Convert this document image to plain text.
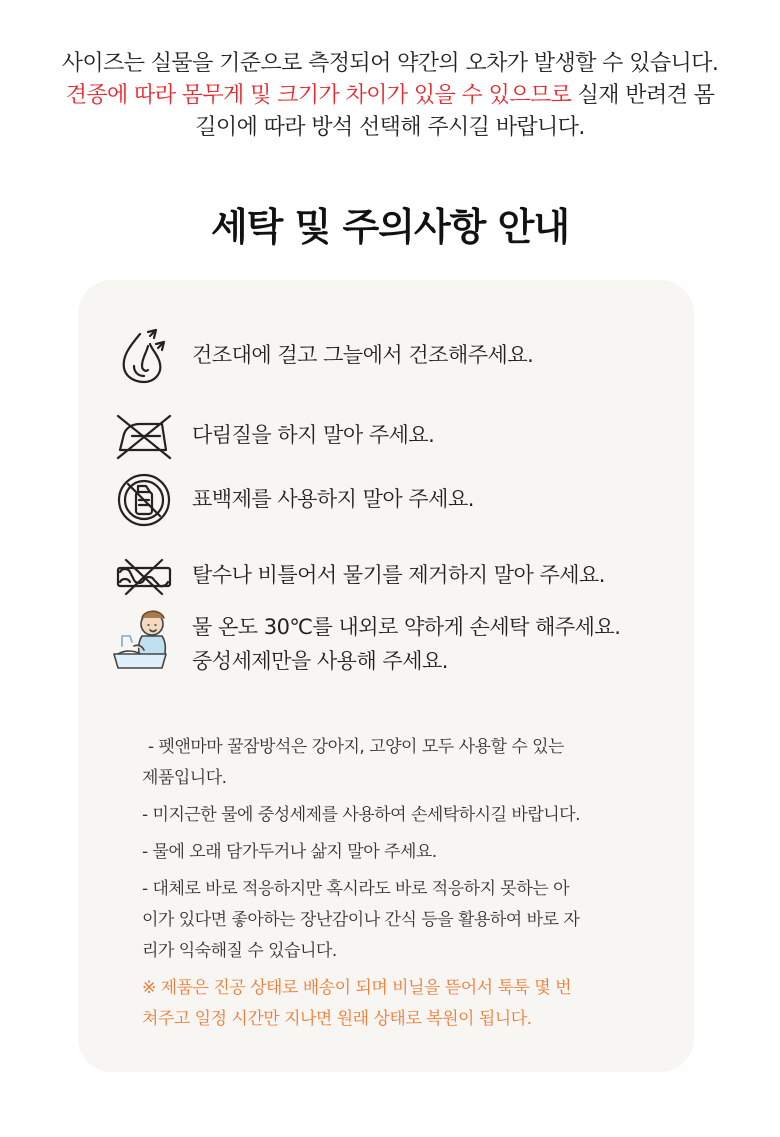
사이즈는 실물을 기준으로 측정되어 약간의 오차가 발생할 수 있습니다.
견종에 따라 몸무게 및 크기가 차이가 있을 수 있으므로 실재 반려견 몸
길이에 따라 방석 선택해 주시길 바랍니다.
세탁 및 주의사항 안내
건조대에 걸고 그늘에서 건조해주세요.
다림질을 하지 말아 주세요.
표백제를 사용하지 말아 주세요.
탈수나 비틀어서 물기를 제거하지 말아 주세요.
물 온도 30℃를 내외로 약하게 손세탁 해주세요.
중성세제만을 사용해 주세요.
- 펫앤마마 꿀잠방석은 강아지, 고양이 모두 사용할 수 있는
제품입니다.
- 미지근한 물에 중성세제를 사용하여 손세탁하시길 바랍니다.
- 물에 오래 담가두거나 삶지 말아 주세요.
- 대체로 바로 적응하지만 혹시라도 바로 적응하지 못하는 아
이가 있다면 좋아하는 장난감이나 간식 등을 활용하여 바로 자
리가 익숙해질 수 있습니다.
※ 제품은 진공 상태로 배송이 되며 비닐을 뜯어서 툭툭 몇 번
쳐주고 일정 시간만 지나면 원래 상태로 복원이 됩니다.
